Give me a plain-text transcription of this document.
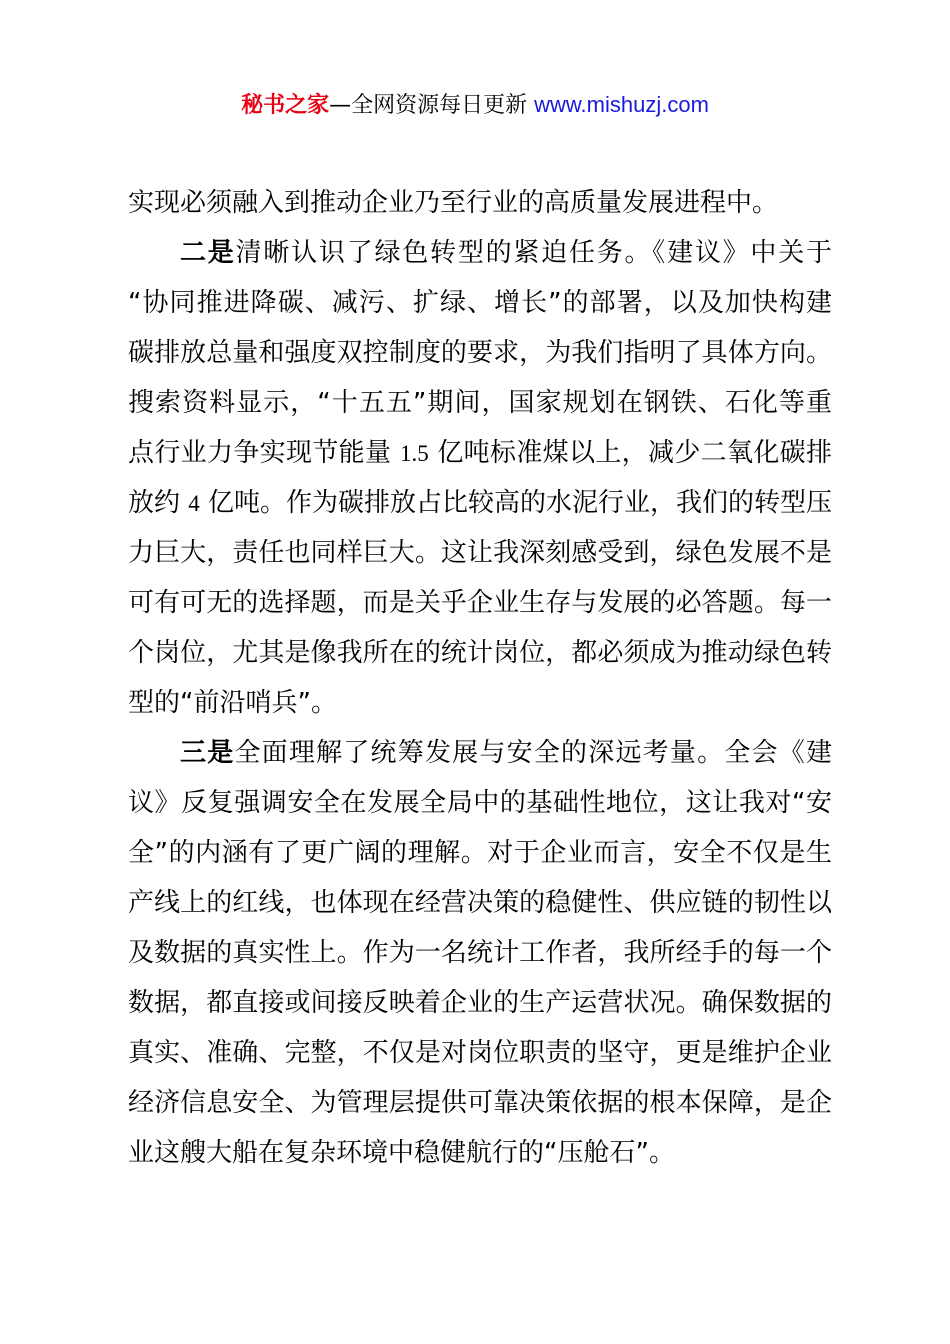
秘书之家—全网资源每日更新 www.mishuzj.com
实现必须融入到推动企业乃至行业的高质量发展进程中。
二是清晰认识了绿色转型的紧迫任务。《建议》中关于
“协同推进降碳、减污、扩绿、增长”的部署，以及加快构建
碳排放总量和强度双控制度的要求，为我们指明了具体方向。
搜索资料显示，“十五五”期间，国家规划在钢铁、石化等重
点行业力争实现节能量 1.5 亿吨标准煤以上，减少二氧化碳排
放约 4 亿吨。作为碳排放占比较高的水泥行业，我们的转型压
力巨大，责任也同样巨大。这让我深刻感受到，绿色发展不是
可有可无的选择题，而是关乎企业生存与发展的必答题。每一
个岗位，尤其是像我所在的统计岗位，都必须成为推动绿色转
型的“前沿哨兵”。
三是全面理解了统筹发展与安全的深远考量。全会《建
议》反复强调安全在发展全局中的基础性地位，这让我对“安
全”的内涵有了更广阔的理解。对于企业而言，安全不仅是生
产线上的红线，也体现在经营决策的稳健性、供应链的韧性以
及数据的真实性上。作为一名统计工作者，我所经手的每一个
数据，都直接或间接反映着企业的生产运营状况。确保数据的
真实、准确、完整，不仅是对岗位职责的坚守，更是维护企业
经济信息安全、为管理层提供可靠决策依据的根本保障，是企
业这艘大船在复杂环境中稳健航行的“压舱石”。
